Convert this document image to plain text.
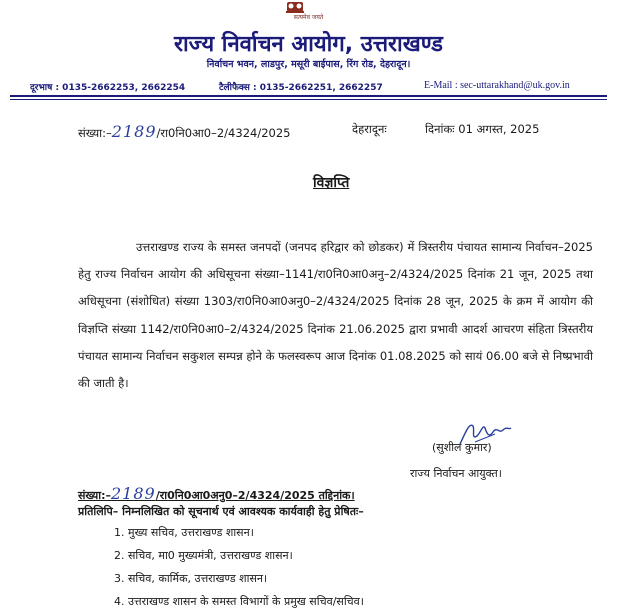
सत्यमेव जयते
राज्य निर्वाचन आयोग, उत्तराखण्ड
निर्वाचन भवन, लाडपुर, मसूरी बाईपास, रिंग रोड, देहरादून।
दूरभाष : 0135-2662253, 2662254	टैलीफैक्स : 0135-2662251, 2662257	E-Mail : sec-uttarakhand@uk.gov.in
संख्या:–2189/रा0नि0आ0–2/4324/2025	देहरादूनः	दिनांकः 01 अगस्त, 2025
विज्ञप्ति

उत्तराखण्ड राज्य के समस्त जनपदों (जनपद हरिद्वार को छोडकर) में त्रिस्तरीय पंचायत सामान्य निर्वाचन–2025 हेतु राज्य निर्वाचन आयोग की अधिसूचना संख्या–1141/रा0नि0आ0अनु–2/4324/2025 दिनांक 21 जून, 2025 तथा अधिसूचना (संशोधित) संख्या 1303/रा0नि0आ0अनु0–2/4324/2025 दिनांक 28 जून, 2025 के क्रम में आयोग की विज्ञप्ति संख्या 1142/रा0नि0आ0–2/4324/2025 दिनांक 21.06.2025 द्वारा प्रभावी आदर्श आचरण संहिता त्रिस्तरीय पंचायत सामान्य निर्वाचन सकुशल सम्पन्न होने के फलस्वरूप आज दिनांक 01.08.2025 को सायं 06.00 बजे से निष्प्रभावी की जाती है।

(सुशील कुमार)
राज्य निर्वाचन आयुक्त।
संख्या:–2189/रा0नि0आ0अनु0–2/4324/2025 तद्दिनांक।
प्रतिलिपि– निम्नलिखित को सूचनार्थ एवं आवश्यक कार्यवाही हेतु प्रेषितः–
1. मुख्य सचिव, उत्तराखण्ड शासन।
2. सचिव, मा0 मुख्यमंत्री, उत्तराखण्ड शासन।
3. सचिव, कार्मिक, उत्तराखण्ड शासन।
4. उत्तराखण्ड शासन के समस्त विभागों के प्रमुख सचिव/सचिव।
